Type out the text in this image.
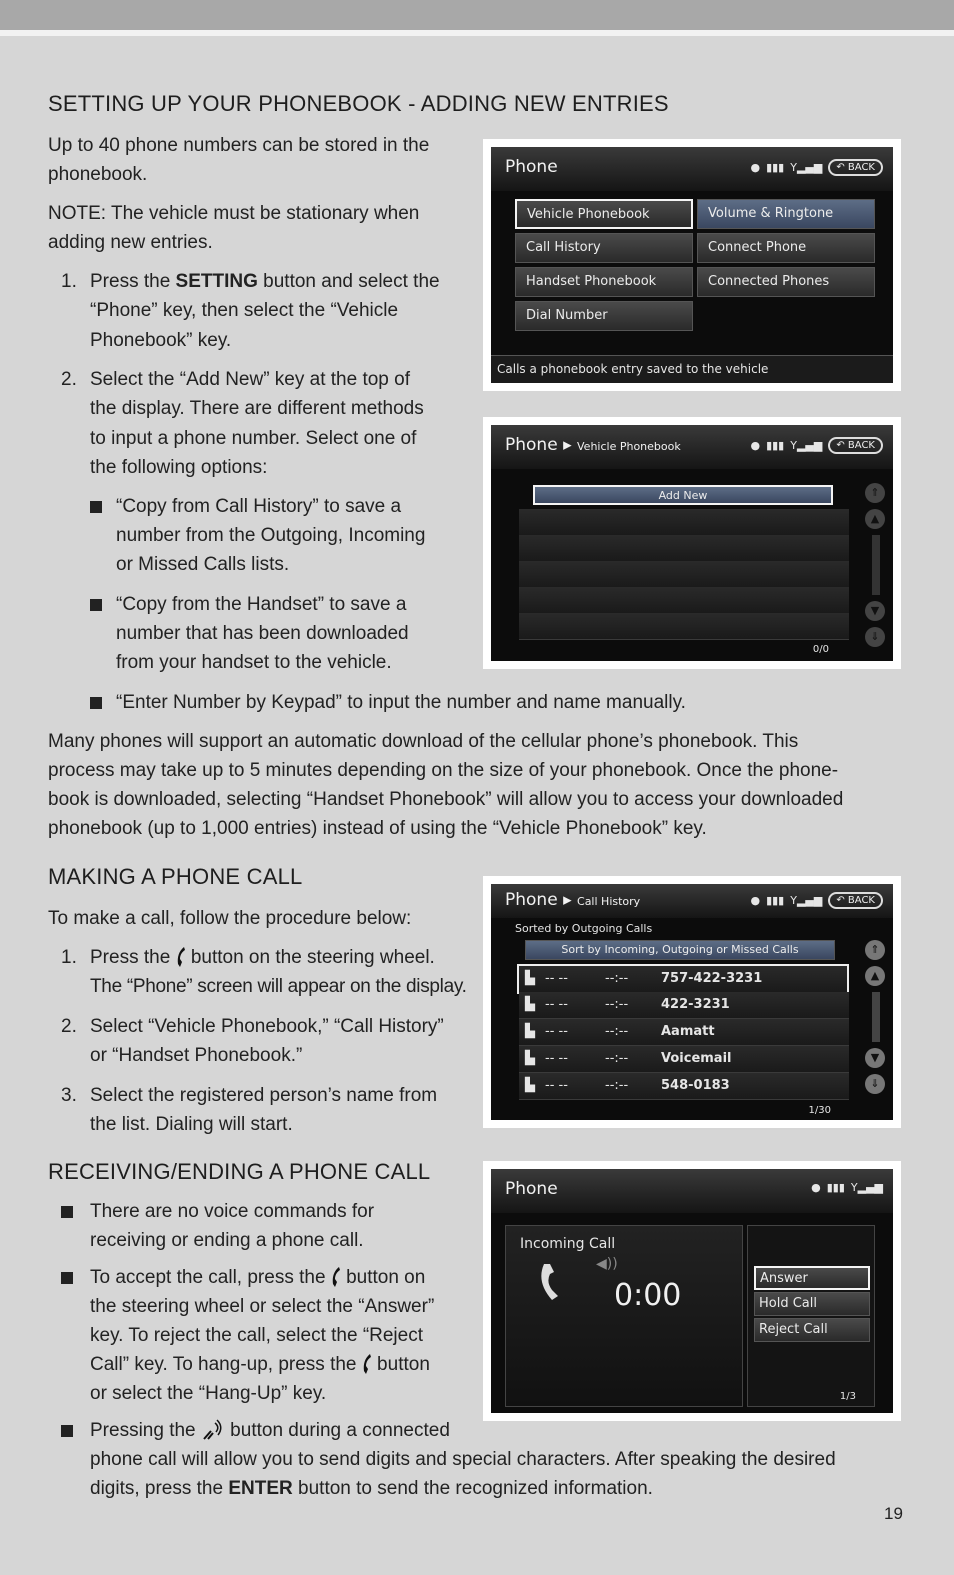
SETTING UP YOUR PHONEBOOK - ADDING NEW ENTRIES
Up to 40 phone numbers can be stored in the
phonebook.
NOTE: The vehicle must be stationary when
adding new entries.
1. Press the SETTING button and select the
“Phone” key, then select the “Vehicle
Phonebook” key.
2. Select the “Add New” key at the top of
the display. There are different methods
to input a phone number. Select one of
the following options:
“Copy from Call History” to save a
number from the Outgoing, Incoming
or Missed Calls lists.
“Copy from the Handset” to save a
number that has been downloaded
from your handset to the vehicle.
“Enter Number by Keypad” to input the number and name manually.
Many phones will support an automatic download of the cellular phone’s phonebook. This
process may take up to 5 minutes depending on the size of your phonebook. Once the phone-
book is downloaded, selecting “Handset Phonebook” will allow you to access your downloaded
phonebook (up to 1,000 entries) instead of using the “Vehicle Phonebook” key.
MAKING A PHONE CALL
To make a call, follow the procedure below:
1. Press the  button on the steering wheel.
The “Phone” screen will appear on the display.
2. Select “Vehicle Phonebook,” “Call History”
or “Handset Phonebook.”
3. Select the registered person’s name from
the list. Dialing will start.
RECEIVING/ENDING A PHONE CALL
There are no voice commands for
receiving or ending a phone call.
To accept the call, press the  button on
the steering wheel or select the “Answer”
key. To reject the call, select the “Reject
Call” key. To hang-up, press the  button
or select the “Hang-Up” key.
Pressing the  button during a connected
phone call will allow you to send digits and special characters. After speaking the desired
digits, press the ENTER button to send the recognized information.
19
Phone	● ▮▮▮ Y▂▄▆	↶ BACK
Vehicle Phonebook	Volume & Ringtone
Call History	Connect Phone
Handset Phonebook	Connected Phones
Dial Number
Calls a phonebook entry saved to the vehicle
Phone ▸ Vehicle Phonebook	● ▮▮▮ Y▂▄▆	↶ BACK
Add New	⇑
▲
▼
⇓
0/0
Phone ▸ Call History	● ▮▮▮ Y▂▄▆	↶ BACK
Sorted by Outgoing Calls
Sort by Incoming, Outgoing or Missed Calls
▙ -- --	--:--	757-422-3231
▙ -- --	--:--	422-3231
▙ -- --	--:--	Aamatt
▙ -- --	--:--	Voicemail
▙ -- --	--:--	548-0183
⇑
▲
▼
⇓
1/30
Phone	● ▮▮▮ Y▂▄▆
Incoming Call
◀))
0:00	Answer
Hold Call
Reject Call
1/3
